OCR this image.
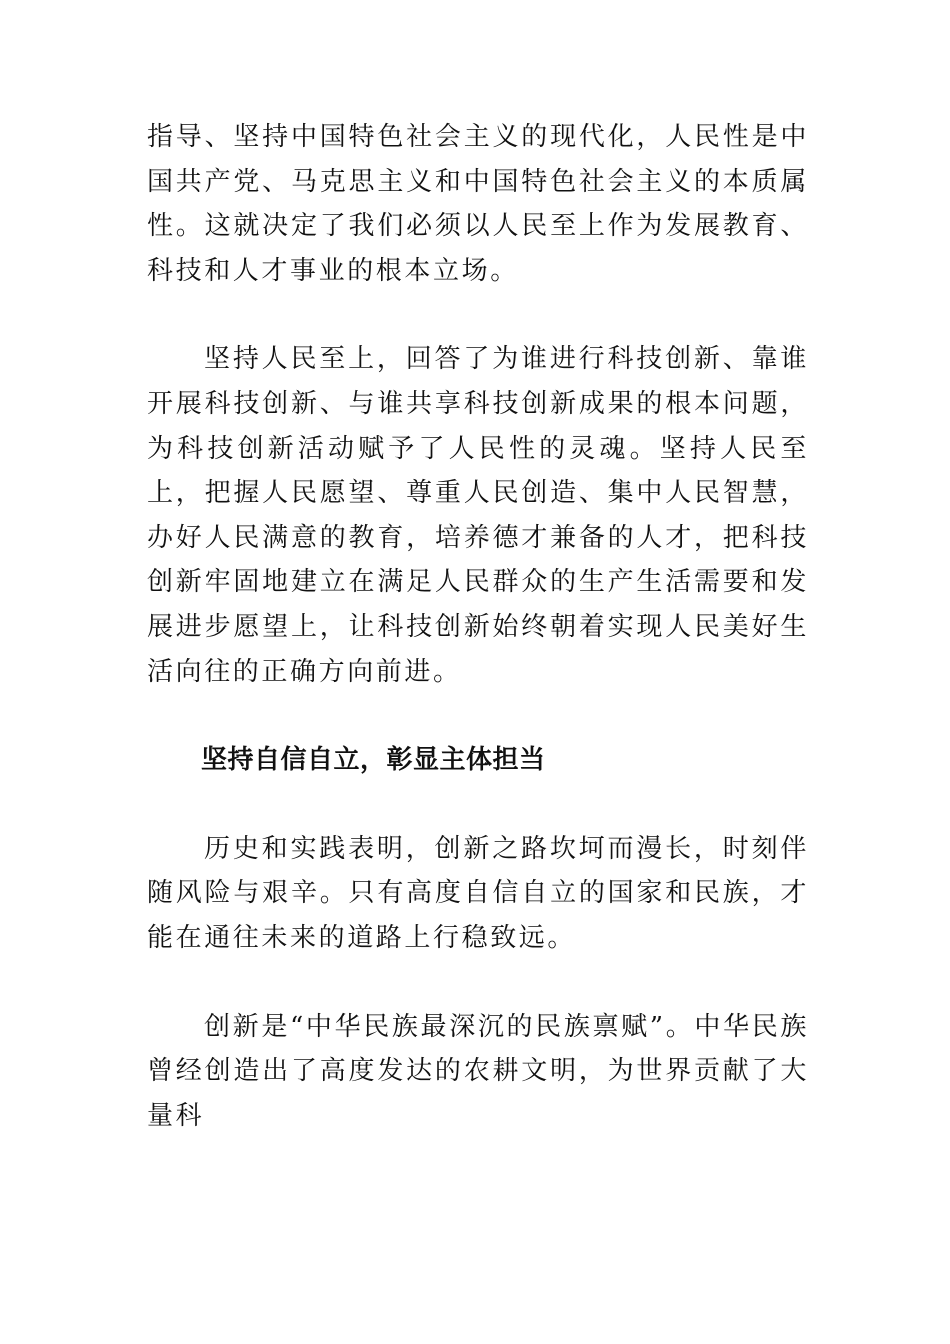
指导、坚持中国特色社会主义的现代化，人民性是中国共产党、马克思主义和中国特色社会主义的本质属性。这就决定了我们必须以人民至上作为发展教育、科技和人才事业的根本立场。

坚持人民至上，回答了为谁进行科技创新、靠谁开展科技创新、与谁共享科技创新成果的根本问题，为科技创新活动赋予了人民性的灵魂。坚持人民至上，把握人民愿望、尊重人民创造、集中人民智慧，办好人民满意的教育，培养德才兼备的人才，把科技创新牢固地建立在满足人民群众的生产生活需要和发展进步愿望上，让科技创新始终朝着实现人民美好生活向往的正确方向前进。

坚持自信自立，彰显主体担当

历史和实践表明，创新之路坎坷而漫长，时刻伴随风险与艰辛。只有高度自信自立的国家和民族，才能在通往未来的道路上行稳致远。

创新是“中华民族最深沉的民族禀赋”。中华民族曾经创造出了高度发达的农耕文明，为世界贡献了大量科
